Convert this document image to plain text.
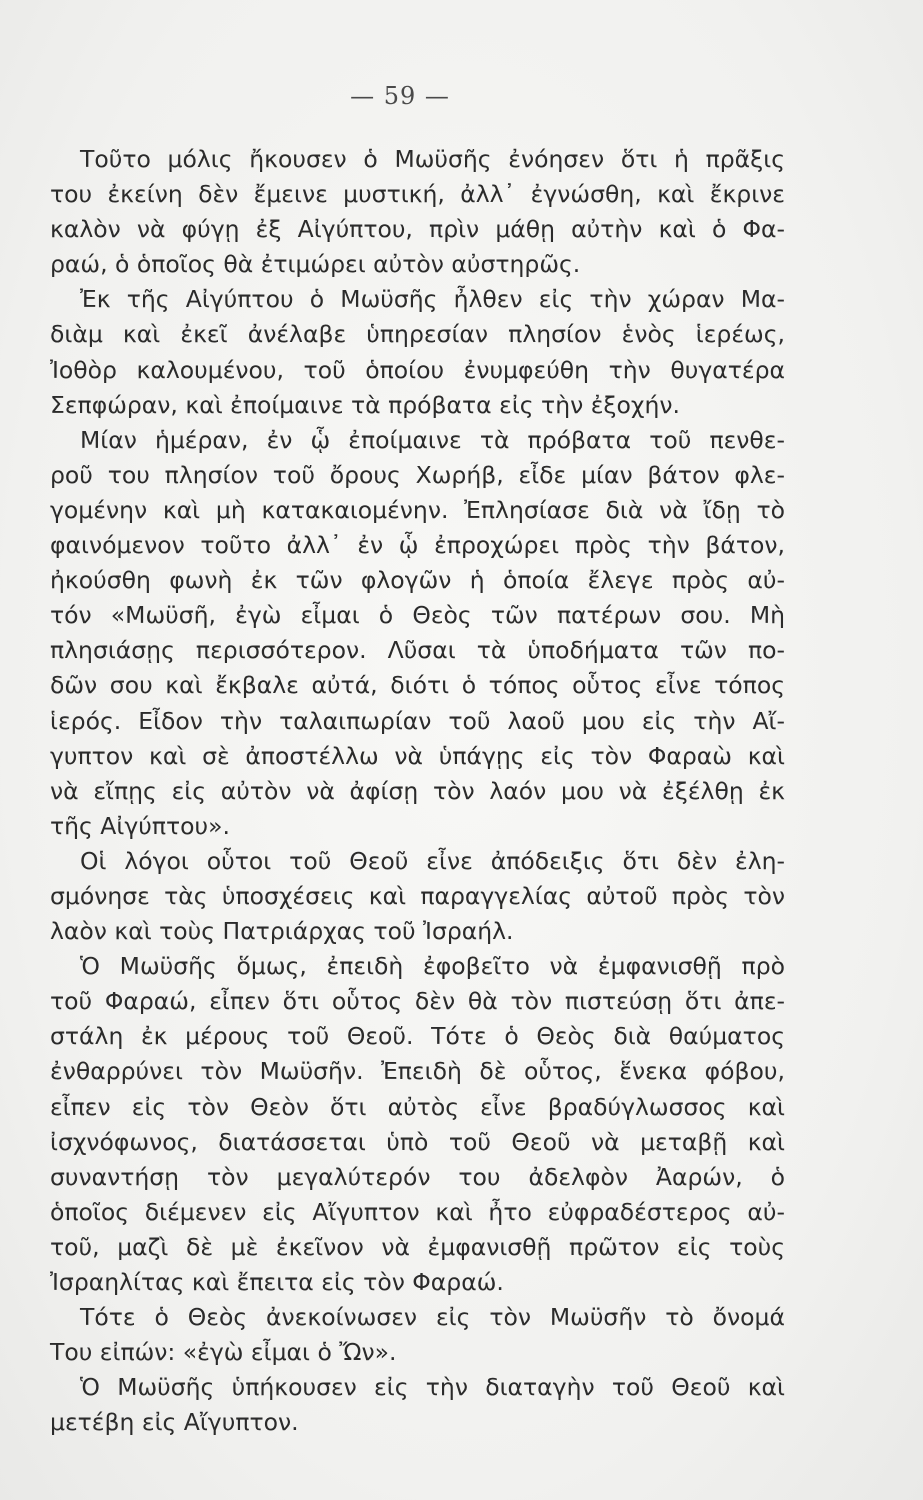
— 59 —
Τοῦτο μόλις ἤκουσεν ὁ Μωϋσῆς ἐνόησεν ὅτι ἡ πρᾶξις
του ἐκείνη δὲν ἔμεινε μυστική, ἀλλ᾽ ἐγνώσθη, καὶ ἔκρινε
καλὸν νὰ φύγῃ ἐξ Αἰγύπτου, πρὶν μάθῃ αὐτὴν καὶ ὁ Φα-
ραώ, ὁ ὁποῖος θὰ ἐτιμώρει αὐτὸν αὐστηρῶς.
Ἐκ τῆς Αἰγύπτου ὁ Μωϋσῆς ἦλθεν εἰς τὴν χώραν Μα-
διὰμ καὶ ἐκεῖ ἀνέλαβε ὑπηρεσίαν πλησίον ἑνὸς ἱερέως,
Ἰοθὸρ καλουμένου, τοῦ ὁποίου ἐνυμφεύθη τὴν θυγατέρα
Σεπφώραν, καὶ ἐποίμαινε τὰ πρόβατα εἰς τὴν ἐξοχήν.
Μίαν ἡμέραν, ἐν ᾧ ἐποίμαινε τὰ πρόβατα τοῦ πενθε-
ροῦ του πλησίον τοῦ ὄρους Χωρήβ, εἶδε μίαν βάτον φλε-
γομένην καὶ μὴ κατακαιομένην. Ἐπλησίασε διὰ νὰ ἴδῃ τὸ
φαινόμενον τοῦτο ἀλλ᾽ ἐν ᾧ ἐπροχώρει πρὸς τὴν βάτον,
ἠκούσθη φωνὴ ἐκ τῶν φλογῶν ἡ ὁποία ἔλεγε πρὸς αὐ-
τόν «Μωϋσῆ, ἐγὼ εἶμαι ὁ Θεὸς τῶν πατέρων σου. Μὴ
πλησιάσῃς περισσότερον. Λῦσαι τὰ ὑποδήματα τῶν πο-
δῶν σου καὶ ἔκβαλε αὐτά, διότι ὁ τόπος οὗτος εἶνε τόπος
ἱερός. Εἶδον τὴν ταλαιπωρίαν τοῦ λαοῦ μου εἰς τὴν Αἴ-
γυπτον καὶ σὲ ἀποστέλλω νὰ ὑπάγῃς εἰς τὸν Φαραὼ καὶ
νὰ εἴπῃς εἰς αὐτὸν νὰ ἀφίσῃ τὸν λαόν μου νὰ ἐξέλθῃ ἐκ
τῆς Αἰγύπτου».
Οἱ λόγοι οὗτοι τοῦ Θεοῦ εἶνε ἀπόδειξις ὅτι δὲν ἐλη-
σμόνησε τὰς ὑποσχέσεις καὶ παραγγελίας αὐτοῦ πρὸς τὸν
λαὸν καὶ τοὺς Πατριάρχας τοῦ Ἰσραήλ.
Ὁ Μωϋσῆς ὅμως, ἐπειδὴ ἐφοβεῖτο νὰ ἐμφανισθῇ πρὸ
τοῦ Φαραώ, εἶπεν ὅτι οὗτος δὲν θὰ τὸν πιστεύσῃ ὅτι ἀπε-
στάλη ἐκ μέρους τοῦ Θεοῦ. Τότε ὁ Θεὸς διὰ θαύματος
ἐνθαρρύνει τὸν Μωϋσῆν. Ἐπειδὴ δὲ οὗτος, ἕνεκα φόβου,
εἶπεν εἰς τὸν Θεὸν ὅτι αὐτὸς εἶνε βραδύγλωσσος καὶ
ἰσχνόφωνος, διατάσσεται ὑπὸ τοῦ Θεοῦ νὰ μεταβῇ καὶ
συναντήσῃ τὸν μεγαλύτερόν του ἀδελφὸν Ἀαρών, ὁ
ὁποῖος διέμενεν εἰς Αἴγυπτον καὶ ἦτο εὐφραδέστερος αὐ-
τοῦ, μαζὶ δὲ μὲ ἐκεῖνον νὰ ἐμφανισθῇ πρῶτον εἰς τοὺς
Ἰσραηλίτας καὶ ἔπειτα εἰς τὸν Φαραώ.
Τότε ὁ Θεὸς ἀνεκοίνωσεν εἰς τὸν Μωϋσῆν τὸ ὄνομά
Του εἰπών: «ἐγὼ εἶμαι ὁ Ὤν».
Ὁ Μωϋσῆς ὑπήκουσεν εἰς τὴν διαταγὴν τοῦ Θεοῦ καὶ
μετέβη εἰς Αἴγυπτον.
